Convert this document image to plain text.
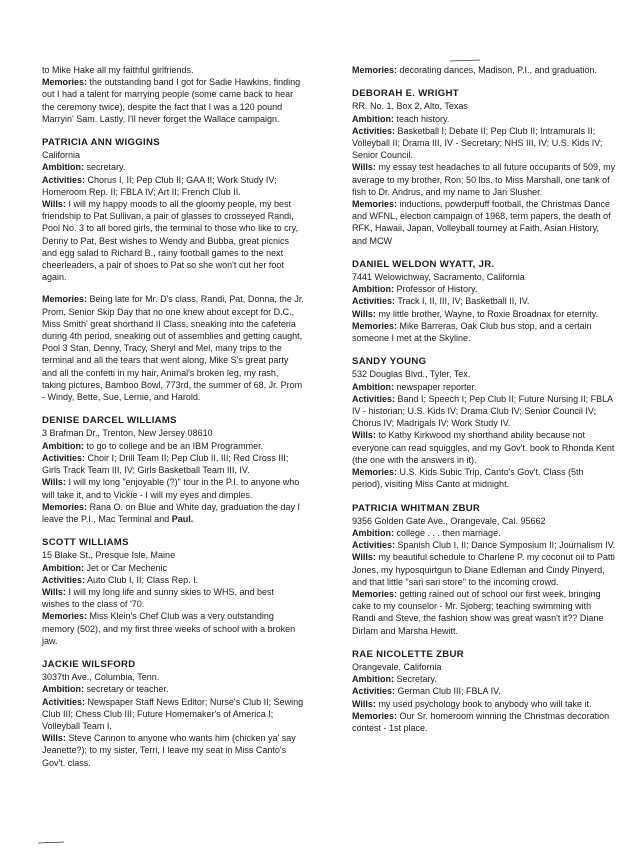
to Mike Hake all my faithful girlfriends.

Memories: the outstanding band I got for Sadie Hawkins, finding out I had a talent for marrying people (some came back to hear the ceremony twice), despite the fact that I was a 120 pound Marryin' Sam. Lastly, I'll never forget the Wallace campaign.

PATRICIA ANN WIGGINS

California

Ambition: secretary.

Activities: Chorus I, II; Pep Club II; GAA II; Work Study IV; Homeroom Rep. II; FBLA IV; Art II; French Club II.

Wills: I will my happy moods to all the gloomy people, my best friendship to Pat Sullivan, a pair of glasses to crosseyed Randi, Pool No. 3 to all bored girls, the terminal to those who like to cry, Denny to Pat, Best wishes to Wendy and Bubba, great picnics and egg salad to Richard B., rainy football games to the next cheerleaders, a pair of shoes to Pat so she won't cut her foot again.

Memories: Being late for Mr. D's class, Randi, Pat, Donna, the Jr. Prom, Senior Skip Day that no one knew about except for D.C., Miss Smith' great shorthand II Class, sneaking into the cafeteria during 4th period, sneaking out of assemblies and getting caught, Pool 3 Stan, Denny, Tracy, Sheryl and Mel, many trips to the terminal and all the tears that went along, Mike S's great party and all the confetti in my hair, Animal's broken leg, my rash, taking pictures, Bamboo Bowl, 773rd, the summer of 68, Jr. Prom - Windy, Bette, Sue, Lernie, and Harold.

DENISE DARCEL WILLIAMS

3 Brafman Dr., Trenton, New Jersey 08610

Ambition: to go to college and be an IBM Programmer.

Activities: Choir I; Drill Team II; Pep Club II, III; Red Cross III; Girls Track Team III, IV; Girls Basketball Team III, IV.

Wills: I will my long "enjoyable (?)" tour in the P.I. to anyone who will take it, and to Vickie - I will my eyes and dimples.

Memories: Rana O. on Blue and White day, graduation the day I leave the P.I., Mac Terminal and Paul.

SCOTT WILLIAMS

15 Blake St., Presque Isle, Maine

Ambition: Jet or Car Mechenic

Activities: Auto Club I, II; Class Rep. I.

Wills: I will my long life and sunny skies to WHS, and best wishes to the class of '70.

Memories: Miss Klein's Chef Club was a very outstanding memory (502), and my first three weeks of school with a broken jaw.

JACKIE WILSFORD

3037th Ave., Columbia, Tenn.

Ambition: secretary or teacher.

Activities: Newspaper Staff News Editor; Nurse's Club II; Sewing Club III; Chess Club III; Future Homemaker's of America I; Volleyball Team I.

Wills: Steve Cannon to anyone who wants him (chicken ya' say Jeanette?); to my sister, Terri, I leave my seat in Miss Canto's Gov't. class.

Memories: decorating dances, Madison, P.I., and graduation.

DEBORAH E. WRIGHT

RR. No. 1, Box 2, Alto, Texas

Ambition: teach history.

Activities: Basketball I; Debate II; Pep Club II; Intramurals II; Volleyball II; Drama III, IV - Secretary; NHS III, IV; U.S. Kids IV; Senior Council.

Wills: my essay test headaches to all future occupants of 509, my average to my brother, Ron; 50 lbs. to Miss Marshall, one tank of fish to Dr. Andrus, and my name to Jan Slusher.

Memories: inductions, powderpuff football, the Christmas Dance and WFNL, election campaign of 1968, term papers, the death of RFK, Hawaii, Japan, Volleyball tourney at Faith, Asian History, and MCW

DANIEL WELDON WYATT, JR.

7441 Welowichway, Sacramento, California

Ambition: Professor of History.

Activities: Track I, II, III, IV; Basketball II, IV.

Wills: my little brother, Wayne, to Roxie Broadnax for eternity.

Memories: Mike Barreras, Oak Club bus stop, and a certain someone I met at the Skyline.

SANDY YOUNG

532 Douglas Blvd., Tyler, Tex.

Ambition: newspaper reporter.

Activities: Band I; Speech I; Pep Club II; Future Nursing II; FBLA IV - historian; U.S. Kids IV; Drama Club IV; Senior Council IV; Chorus IV; Madrigals IV; Work Study IV.

Wills: to Kathy Kirkwood my shorthand ability because not everyone can read squiggles, and my Gov't. book to Rhonda Kent (the one with the answers in it).

Memories: U.S. Kids Subic Trip, Canto's Gov't. Class (5th period), visiting Miss Canto at midnight.

PATRICIA WHITMAN ZBUR

9356 Golden Gate Ave., Orangevale, Cal. 95662

Ambition: college . . . then marriage.

Activities: Spanish Club I, II; Dance Symposium II; Journalism IV.

Wills: my beautiful schedule to Charlene P. my coconut oil to Patti Jones, my hyposquirtgun to Diane Edleman and Cindy Pinyerd, and that little "sari sari store" to the incoming crowd.

Memories: getting rained out of school our first week, bringing cake to my counselor - Mr. Sjoberg; teaching swimming with Randi and Steve, the fashion show was great wasn't it?? Diane Dirlam and Marsha Hewitt.

RAE NICOLETTE ZBUR

Orangevale, California

Ambition: Secretary.

Activities: German Club III; FBLA IV.

Wills: my used psychology book to anybody who will take it.

Memories: Our Sr. homeroom winning the Christmas decoration contest - 1st place.
